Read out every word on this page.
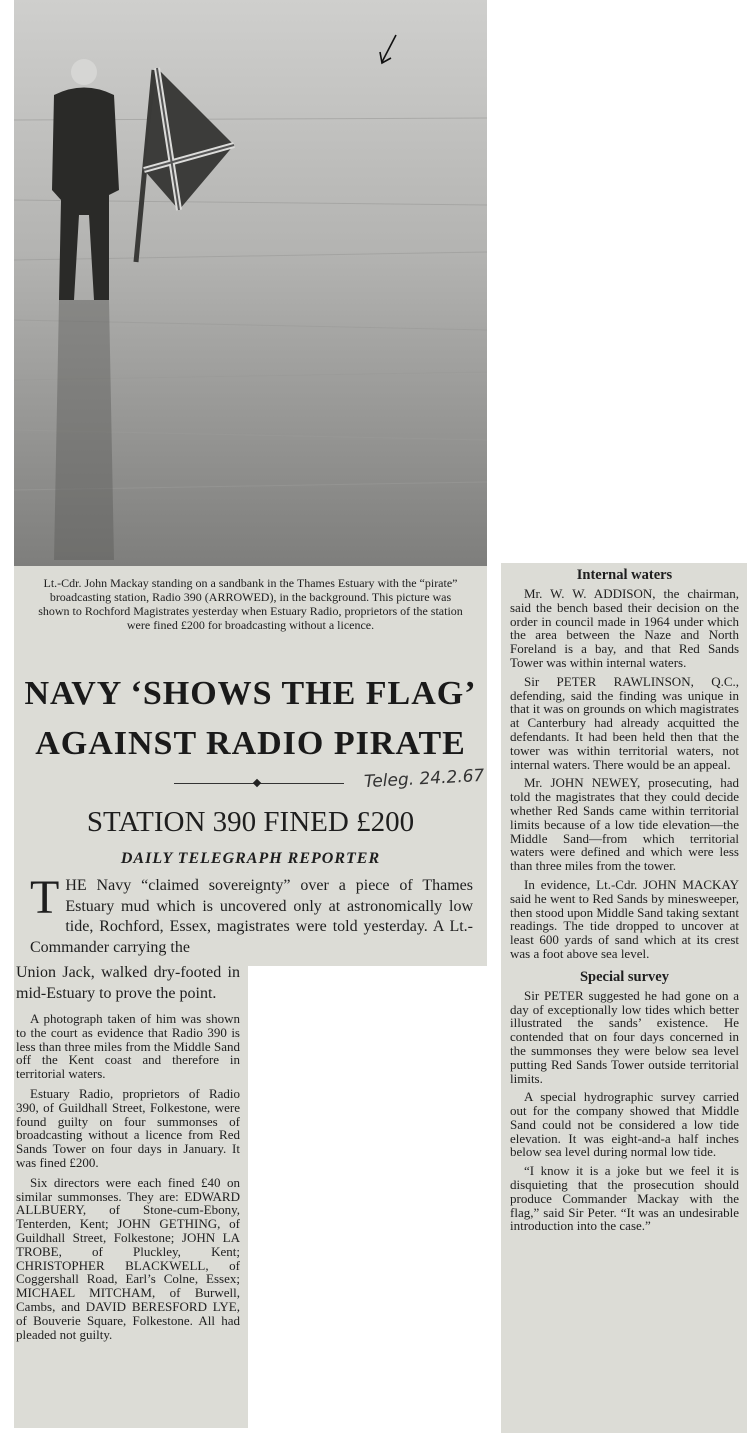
Lt.-Cdr. John Mackay standing on a sandbank in the Thames Estuary with the “pirate” broadcasting station, Radio 390 (ARROWED), in the background. This picture was shown to Rochford Magistrates yesterday when Estuary Radio, proprietors of the station were fined £200 for broadcasting without a licence.

NAVY ‘SHOWS THE FLAG’
AGAINST RADIO PIRATE
Teleg. 24.2.67
STATION 390 FINED £200
DAILY TELEGRAPH REPORTER
THE Navy “claimed sovereignty” over a piece of Thames Estuary mud which is uncovered only at astronomically low tide, Rochford, Essex, magistrates were told yesterday. A Lt.-Commander carrying the

Union Jack, walked dry-footed in mid-Estuary to prove the point.

A photograph taken of him was shown to the court as evidence that Radio 390 is less than three miles from the Middle Sand off the Kent coast and therefore in territorial waters.

Estuary Radio, proprietors of Radio 390, of Guildhall Street, Folkestone, were found guilty on four summonses of broadcasting without a licence from Red Sands Tower on four days in January. It was fined £200.

Six directors were each fined £40 on similar summonses. They are: EDWARD ALLBUERY, of Stone-cum-Ebony, Tenterden, Kent; JOHN GETHING, of Guildhall Street, Folkestone; JOHN LA TROBE, of Pluckley, Kent; CHRISTOPHER BLACKWELL, of Coggershall Road, Earl’s Colne, Essex; MICHAEL MITCHAM, of Burwell, Cambs, and DAVID BERESFORD LYE, of Bouverie Square, Folkestone. All had pleaded not guilty.

Internal waters

Mr. W. W. ADDISON, the chairman, said the bench based their decision on the order in council made in 1964 under which the area between the Naze and North Foreland is a bay, and that Red Sands Tower was within internal waters.

Sir PETER RAWLINSON, Q.C., defending, said the finding was unique in that it was on grounds on which magistrates at Canterbury had already acquitted the defendants. It had been held then that the tower was within territorial waters, not internal waters. There would be an appeal.

Mr. JOHN NEWEY, prosecuting, had told the magistrates that they could decide whether Red Sands came within territorial limits because of a low tide elevation—the Middle Sand—from which territorial waters were defined and which were less than three miles from the tower.

In evidence, Lt.-Cdr. JOHN MACKAY said he went to Red Sands by minesweeper, then stood upon Middle Sand taking sextant readings. The tide dropped to uncover at least 600 yards of sand which at its crest was a foot above sea level.

Special survey

Sir PETER suggested he had gone on a day of exceptionally low tides which better illustrated the sands’ existence. He contended that on four days concerned in the summonses they were below sea level putting Red Sands Tower outside territorial limits.

A special hydrographic survey carried out for the company showed that Middle Sand could not be considered a low tide elevation. It was eight-and-a half inches below sea level during normal low tide.

“I know it is a joke but we feel it is disquieting that the prosecution should produce Commander Mackay with the flag,” said Sir Peter. “It was an undesirable introduction into the case.”
